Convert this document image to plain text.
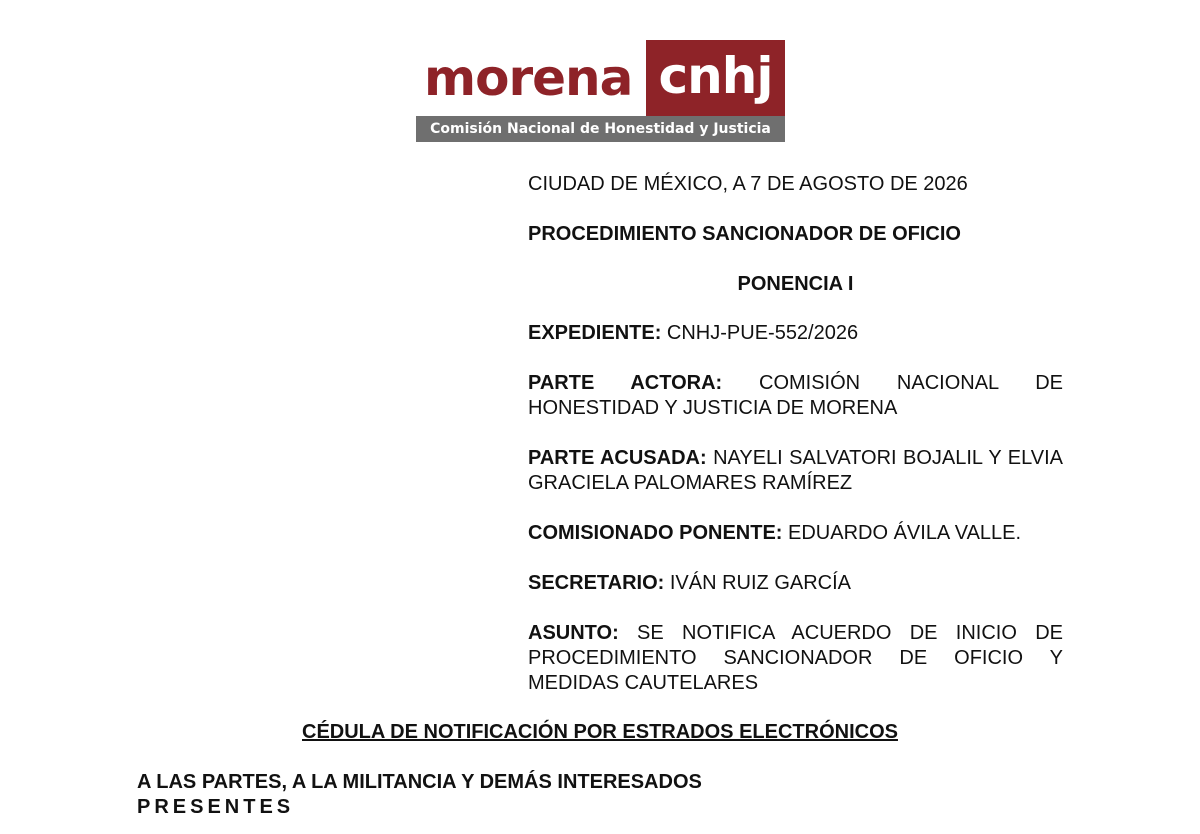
morena cnhj
Comisión Nacional de Honestidad y Justicia
CIUDAD DE MÉXICO, A 7 DE AGOSTO DE 2026
PROCEDIMIENTO SANCIONADOR DE OFICIO
PONENCIA I
EXPEDIENTE: CNHJ-PUE-552/2026
PARTE ACTORA: COMISIÓN NACIONAL DE HONESTIDAD Y JUSTICIA DE MORENA
PARTE ACUSADA: NAYELI SALVATORI BOJALIL Y ELVIA GRACIELA PALOMARES RAMÍREZ
COMISIONADO PONENTE: EDUARDO ÁVILA VALLE.
SECRETARIO: IVÁN RUIZ GARCÍA
ASUNTO: SE NOTIFICA ACUERDO DE INICIO DE PROCEDIMIENTO SANCIONADOR DE OFICIO Y MEDIDAS CAUTELARES
CÉDULA DE NOTIFICACIÓN POR ESTRADOS ELECTRÓNICOS
A LAS PARTES, A LA MILITANCIA Y DEMÁS INTERESADOS
PRESENTES
